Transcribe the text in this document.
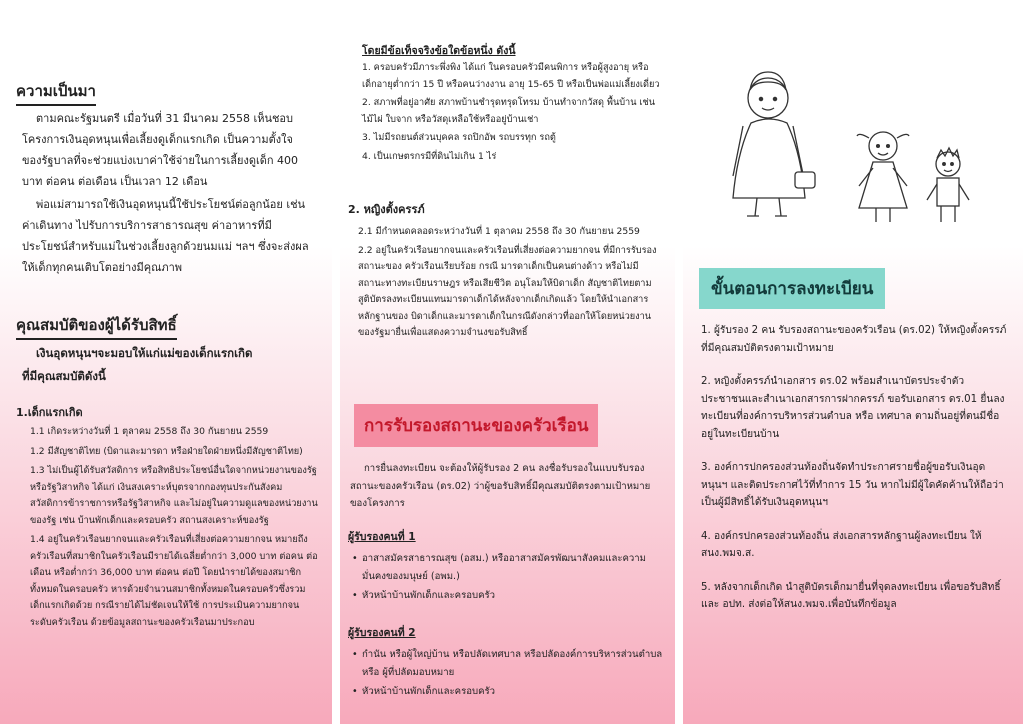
ความเป็นมา
ตามคณะรัฐมนตรี เมื่อวันที่ 31 มีนาคม 2558 เห็นชอบโครงการเงินอุดหนุนเพื่อเลี้ยงดูเด็กแรกเกิด เป็นความตั้งใจของรัฐบาลที่จะช่วยแบ่งเบาค่าใช้จ่ายในการเลี้ยงดูเด็ก 400 บาท ต่อคน ต่อเดือน เป็นเวลา 12 เดือน
พ่อแม่สามารถใช้เงินอุดหนุนนี้ใช้ประโยชน์ต่อลูกน้อย เช่น ค่าเดินทาง ไปรับการบริการสาธารณสุข ค่าอาหารที่มีประโยชน์สำหรับแม่ในช่วงเลี้ยงลูกด้วยนมแม่ ฯลฯ ซึ่งจะส่งผลให้เด็กทุกคนเติบโตอย่างมีคุณภาพ
คุณสมบัติของผู้ได้รับสิทธิ์
เงินอุดหนุนฯจะมอบให้แก่แม่ของเด็กแรกเกิด
ที่มีคุณสมบัติดังนี้
1.เด็กแรกเกิด
1.1 เกิดระหว่างวันที่ 1 ตุลาคม 2558 ถึง 30 กันยายน 2559
1.2 มีสัญชาติไทย (บิดาและมารดา หรือฝ่ายใดฝ่ายหนึ่งมีสัญชาติไทย)
1.3 ไม่เป็นผู้ได้รับสวัสดิการ หรือสิทธิประโยชน์อื่นใดจากหน่วยงานของรัฐหรือรัฐวิสาหกิจ ได้แก่ เงินสงเคราะห์บุตรจากกองทุนประกันสังคม สวัสดิการข้าราชการหรือรัฐวิสาหกิจ และไม่อยู่ในความดูแลของหน่วยงาน ของรัฐ เช่น บ้านพักเด็กและครอบครัว สถานสงเคราะห์ของรัฐ
1.4 อยู่ในครัวเรือนยากจนและครัวเรือนที่เสี่ยงต่อความยากจน หมายถึงครัวเรือนที่สมาชิกในครัวเรือนมีรายได้เฉลี่ยต่ำกว่า 3,000 บาท ต่อคน ต่อเดือน หรือต่ำกว่า 36,000 บาท ต่อคน ต่อปี โดยนำรายได้ของสมาชิก ทั้งหมดในครอบครัว หารด้วยจำนวนสมาชิกทั้งหมดในครอบครัวซึ่งรวมเด็กแรกเกิดด้วย กรณีรายได้ไม่ชัดเจนให้ใช้ การประเมินความยากจนระดับครัวเรือน ด้วยข้อมูลสถานะของครัวเรือนมาประกอบ
โดยมีข้อเท็จจริงข้อใดข้อหนึ่ง ดังนี้
1. ครอบครัวมีภาระพึ่งพิง ได้แก่ ในครอบครัวมีคนพิการ หรือผู้สูงอายุ หรือเด็กอายุต่ำกว่า 15 ปี หรือคนว่างงาน อายุ 15-65 ปี หรือเป็นพ่อแม่เลี้ยงเดี่ยว
2. สภาพที่อยู่อาศัย สภาพบ้านชำรุดทรุดโทรม บ้านทำจากวัสดุ พื้นบ้าน เช่น ไม้ไผ่ ใบจาก หรือวัสดุเหลือใช้หรืออยู่บ้านเช่า
3. ไม่มีรถยนต์ส่วนบุคคล รถปิกอัพ รถบรรทุก รถตู้
4. เป็นเกษตรกรมีที่ดินไม่เกิน 1 ไร่
2. หญิงตั้งครรภ์
2.1 มีกำหนดคลอดระหว่างวันที่ 1 ตุลาคม 2558 ถึง 30 กันยายน 2559
2.2 อยู่ในครัวเรือนยากจนและครัวเรือนที่เสี่ยงต่อความยากจน ที่มีการรับรองสถานะของ ครัวเรือนเรียบร้อย กรณี มารดาเด็กเป็นคนต่างด้าว หรือไม่มีสถานะทางทะเบียนราษฎร หรือเสียชีวิต อนุโลมให้บิดาเด็ก สัญชาติไทยตามสูติบัตรลงทะเบียนแทนมารดาเด็กได้หลังจากเด็กเกิดแล้ว โดยให้นำเอกสารหลักฐานของ บิดาเด็กและมารดาเด็กในกรณีดังกล่าวที่ออกให้โดยหน่วยงานของรัฐมายื่นเพื่อแสดงความจำนงขอรับสิทธิ์
การรับรองสถานะของครัวเรือน
การยื่นลงทะเบียน จะต้องให้ผู้รับรอง 2 คน ลงชื่อรับรองในแบบรับรองสถานะของครัวเรือน (ดร.02) ว่าผู้ขอรับสิทธิ์มีคุณสมบัติตรงตามเป้าหมายของโครงการ
ผู้รับรองคนที่ 1
• อาสาสมัครสาธารณสุข (อสม.) หรืออาสาสมัครพัฒนาสังคมและความมั่นคงของมนุษย์ (อพม.)
• หัวหน้าบ้านพักเด็กและครอบครัว
ผู้รับรองคนที่ 2
• กำนัน หรือผู้ใหญ่บ้าน หรือปลัดเทศบาล หรือปลัดองค์การบริหารส่วนตำบล หรือ ผู้ที่ปลัดมอบหมาย
• หัวหน้าบ้านพักเด็กและครอบครัว
ขั้นตอนการลงทะเบียน
1. ผู้รับรอง 2 คน รับรองสถานะของครัวเรือน (ดร.02) ให้หญิงตั้งครรภ์ที่มีคุณสมบัติตรงตามเป้าหมาย
2. หญิงตั้งครรภ์นำเอกสาร ดร.02 พร้อมสำเนาบัตรประจำตัวประชาชนและสำเนาเอกสารการฝากครรภ์ ขอรับเอกสาร ดร.01 ยื่นลงทะเบียนที่องค์การบริหารส่วนตำบล หรือ เทศบาล ตามถิ่นอยู่ที่ตนมีชื่ออยู่ในทะเบียนบ้าน
3. องค์การปกครองส่วนท้องถิ่นจัดทำประกาศรายชื่อผู้ขอรับเงินอุดหนุนฯ และติดประกาศไว้ที่ทำการ 15 วัน หากไม่มีผู้ใดคัดค้านให้ถือว่าเป็นผู้มีสิทธิ์ได้รับเงินอุดหนุนฯ
4. องค์กรปกครองส่วนท้องถิ่น ส่งเอกสารหลักฐานผู้ลงทะเบียน ให้ สนง.พมจ.ส.
5. หลังจากเด็กเกิด นำสูติบัตรเด็กมายื่นที่จุดลงทะเบียน เพื่อขอรับสิทธิ์และ อปท. ส่งต่อให้สนง.พมจ.เพื่อบันทึกข้อมูล
